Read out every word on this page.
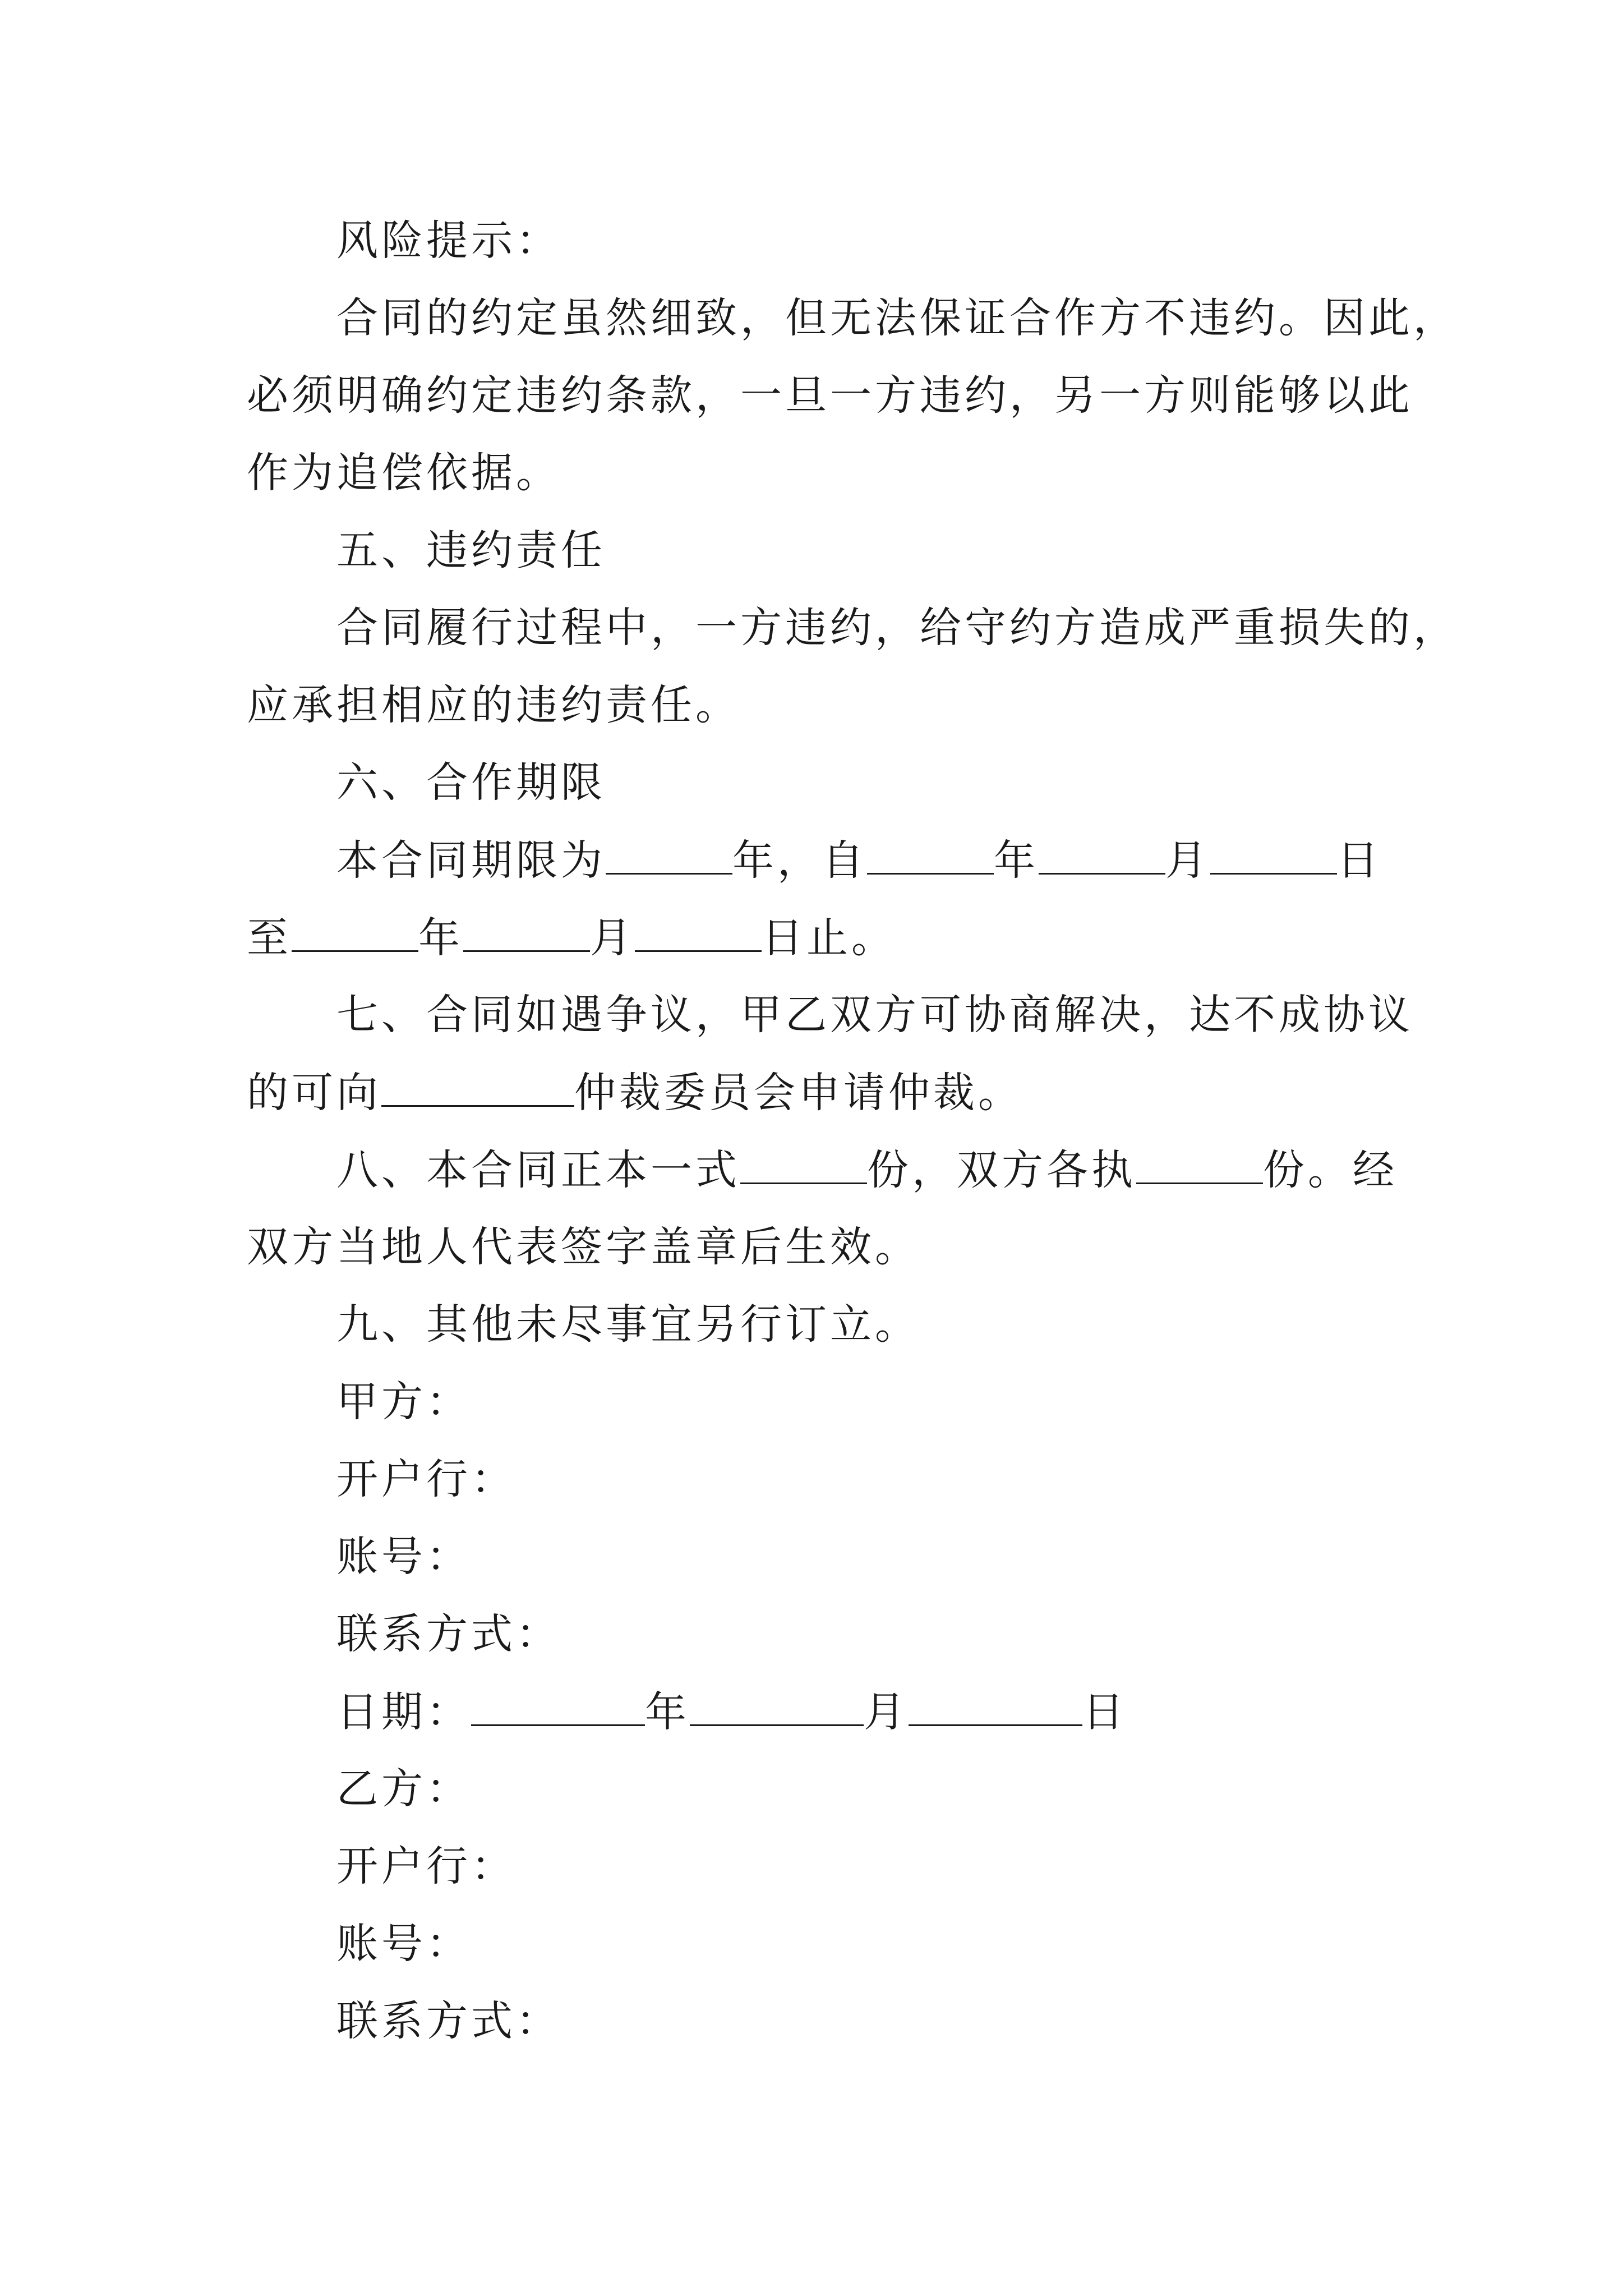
风险提示：
合同的约定虽然细致，但无法保证合作方不违约。因此，
必须明确约定违约条款，一旦一方违约，另一方则能够以此
作为追偿依据。
五、违约责任
合同履行过程中，一方违约，给守约方造成严重损失的，
应承担相应的违约责任。
六、合作期限
本合同期限为	年，自	年	月	日
至	年	月	日止。
七、合同如遇争议，甲乙双方可协商解决，达不成协议
的可向	仲裁委员会申请仲裁。
八、本合同正本一式	份，双方各执	份。经
双方当地人代表签字盖章后生效。
九、其他未尽事宜另行订立。
甲方：
开户行：
账号：
联系方式：
日期：	年	月	日
乙方：
开户行：
账号：
联系方式：
